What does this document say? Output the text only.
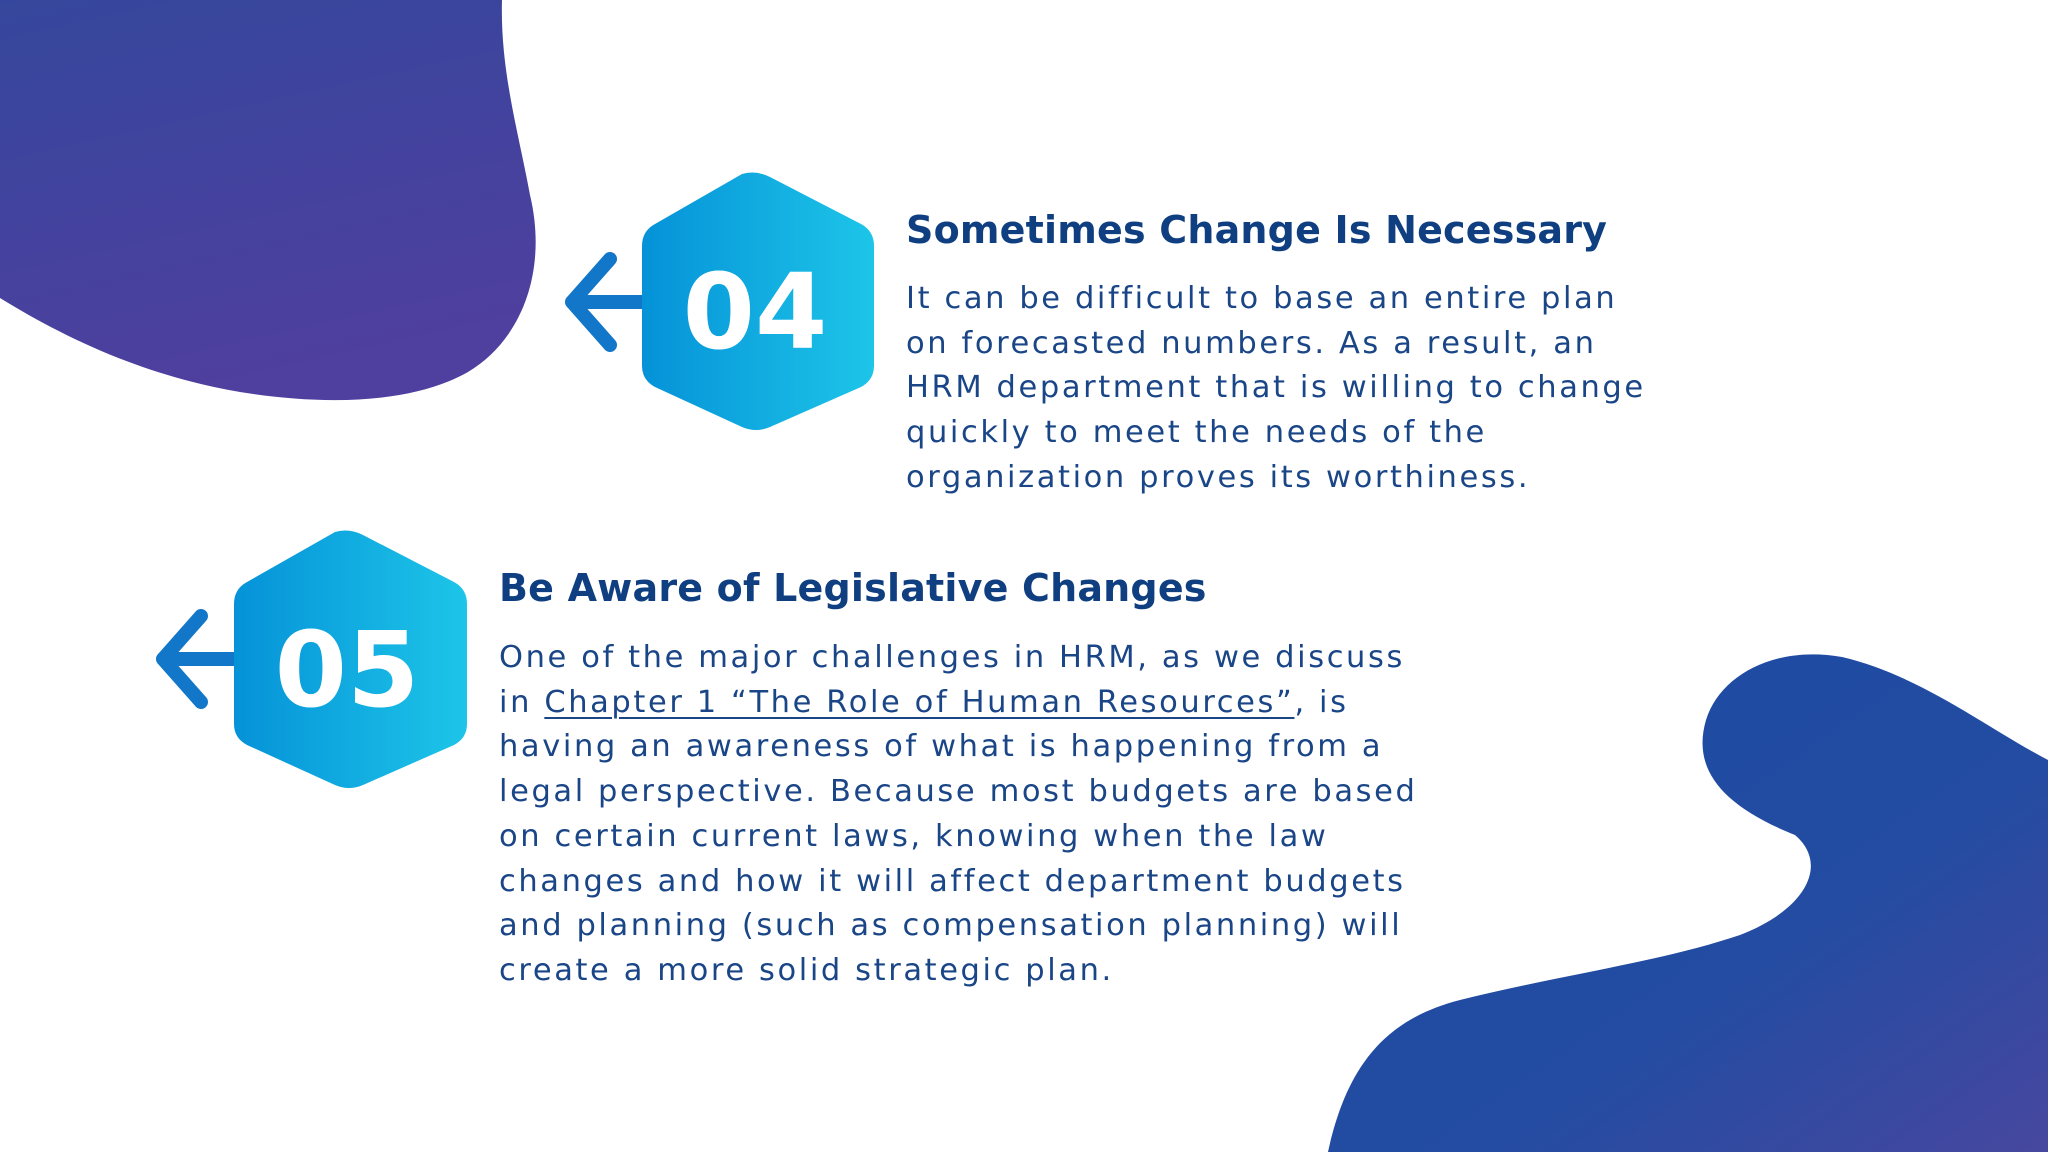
04
Sometimes Change Is Necessary

It can be difficult to base an entire plan
on forecasted numbers. As a result, an
HRM department that is willing to change
quickly to meet the needs of the
organization proves its worthiness.

05
Be Aware of Legislative Changes

One of the major challenges in HRM, as we discuss
in Chapter 1 “The Role of Human Resources”, is
having an awareness of what is happening from a
legal perspective. Because most budgets are based
on certain current laws, knowing when the law
changes and how it will affect department budgets
and planning (such as compensation planning) will
create a more solid strategic plan.
